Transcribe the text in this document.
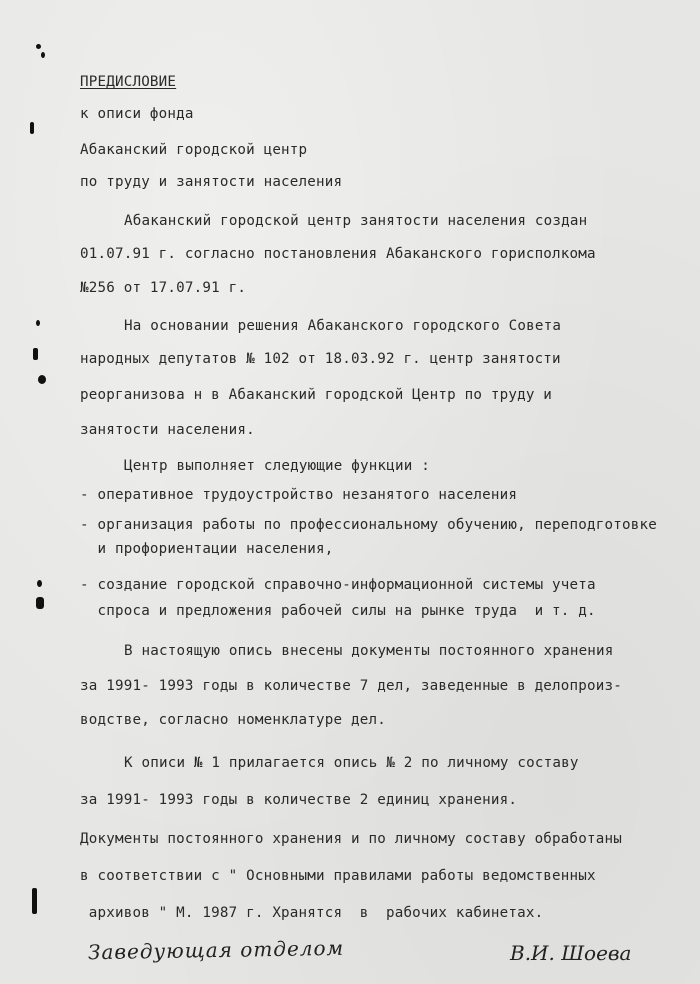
ПРЕДИСЛОВИЕ
к описи фонда
Абаканский городской центр
по труду и занятости населения
Абаканский городской центр занятости населения создан
01.07.91 г. согласно постановления Абаканского горисполкома
№256 от 17.07.91 г.
На основании решения Абаканского городского Совета
народных депутатов № 102 от 18.03.92 г. центр занятости
реорганизова н в Абаканский городской Центр по труду и
занятости населения.
Центр выполняет следующие функции :
- оперативное трудоустройство незанятого населения
- организация работы по профессиональному обучению, переподготовке
и профориентации населения,
- создание городской справочно-информационной системы учета
спроса и предложения рабочей силы на рынке труда  и т. д.
В настоящую опись внесены документы постоянного хранения
за 1991- 1993 годы в количестве 7 дел, заведенные в делопроиз-
водстве, согласно номенклатуре дел.
К описи № 1 прилагается опись № 2 по личному составу
за 1991- 1993 годы в количестве 2 единиц хранения.
Документы постоянного хранения и по личному составу обработаны
в соответствии с " Основными правилами работы ведомственных
архивов " М. 1987 г. Хранятся  в  рабочих кабинетах.
Заведующая отделом	В.И. Шоева
